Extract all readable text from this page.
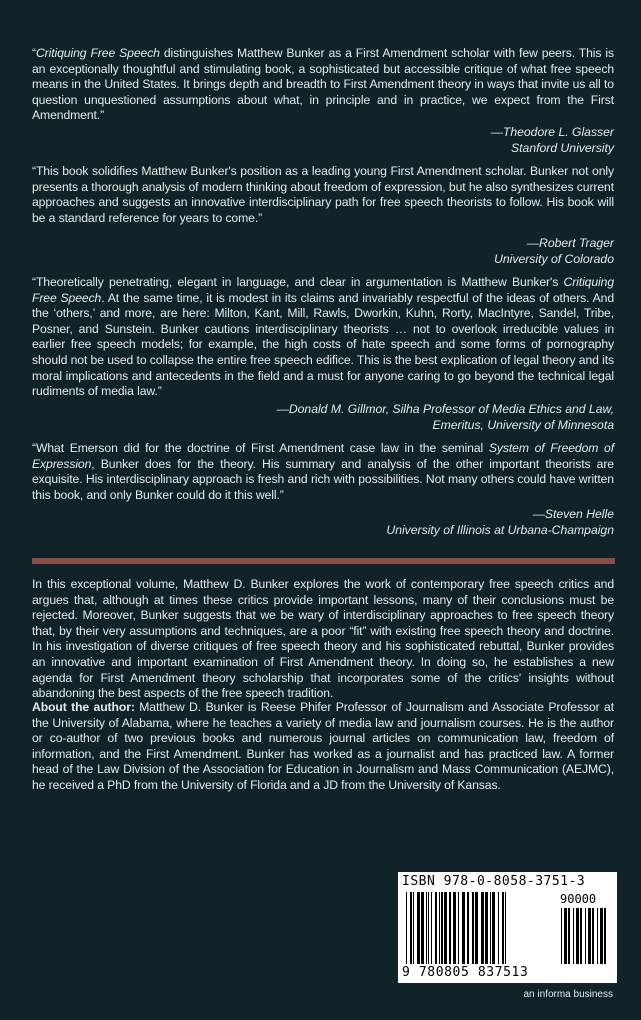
“Critiquing Free Speech distinguishes Matthew Bunker as a First Amendment scholar with few peers. This is an exceptionally thoughtful and stimulating book, a sophisticated but accessible critique of what free speech means in the United States. It brings depth and breadth to First Amendment theory in ways that invite us all to question unquestioned assumptions about what, in principle and in practice, we expect from the First Amendment.”
—Theodore L. Glasser
Stanford University
“This book solidifies Matthew Bunker's position as a leading young First Amendment scholar. Bunker not only presents a thorough analysis of modern thinking about freedom of expression, but he also synthesizes current approaches and suggests an innovative interdisciplinary path for free speech theorists to follow. His book will be a standard reference for years to come.”
—Robert Trager
University of Colorado
“Theoretically penetrating, elegant in language, and clear in argumentation is Matthew Bunker's Critiquing Free Speech. At the same time, it is modest in its claims and invariably respectful of the ideas of others. And the ‘others,’ and more, are here: Milton, Kant, Mill, Rawls, Dworkin, Kuhn, Rorty, MacIntyre, Sandel, Tribe, Posner, and Sunstein. Bunker cautions interdisciplinary theorists … not to overlook irreducible values in earlier free speech models; for example, the high costs of hate speech and some forms of pornography should not be used to collapse the entire free speech edifice. This is the best explication of legal theory and its moral implications and antecedents in the field and a must for anyone caring to go beyond the technical legal rudiments of media law.”
—Donald M. Gillmor, Silha Professor of Media Ethics and Law,
Emeritus, University of Minnesota
“What Emerson did for the doctrine of First Amendment case law in the seminal System of Freedom of Expression, Bunker does for the theory. His summary and analysis of the other important theorists are exquisite. His interdisciplinary approach is fresh and rich with possibilities. Not many others could have written this book, and only Bunker could do it this well.”
—Steven Helle
University of Illinois at Urbana-Champaign
In this exceptional volume, Matthew D. Bunker explores the work of contemporary free speech critics and argues that, although at times these critics provide important lessons, many of their conclusions must be rejected. Moreover, Bunker suggests that we be wary of interdisciplinary approaches to free speech theory that, by their very assumptions and techniques, are a poor “fit” with existing free speech theory and doctrine. In his investigation of diverse critiques of free speech theory and his sophisticated rebuttal, Bunker provides an innovative and important examination of First Amendment theory. In doing so, he establishes a new agenda for First Amendment theory scholarship that incorporates some of the critics' insights without abandoning the best aspects of the free speech tradition.
About the author: Matthew D. Bunker is Reese Phifer Professor of Journalism and Associate Professor at the University of Alabama, where he teaches a variety of media law and journalism courses. He is the author or co-author of two previous books and numerous journal articles on communication law, freedom of information, and the First Amendment. Bunker has worked as a journalist and has practiced law. A former head of the Law Division of the Association for Education in Journalism and Mass Communication (AEJMC), he received a PhD from the University of Florida and a JD from the University of Kansas.
ISBN 978-0-8058-3751-3
90000
9 780805 837513
an informa business
